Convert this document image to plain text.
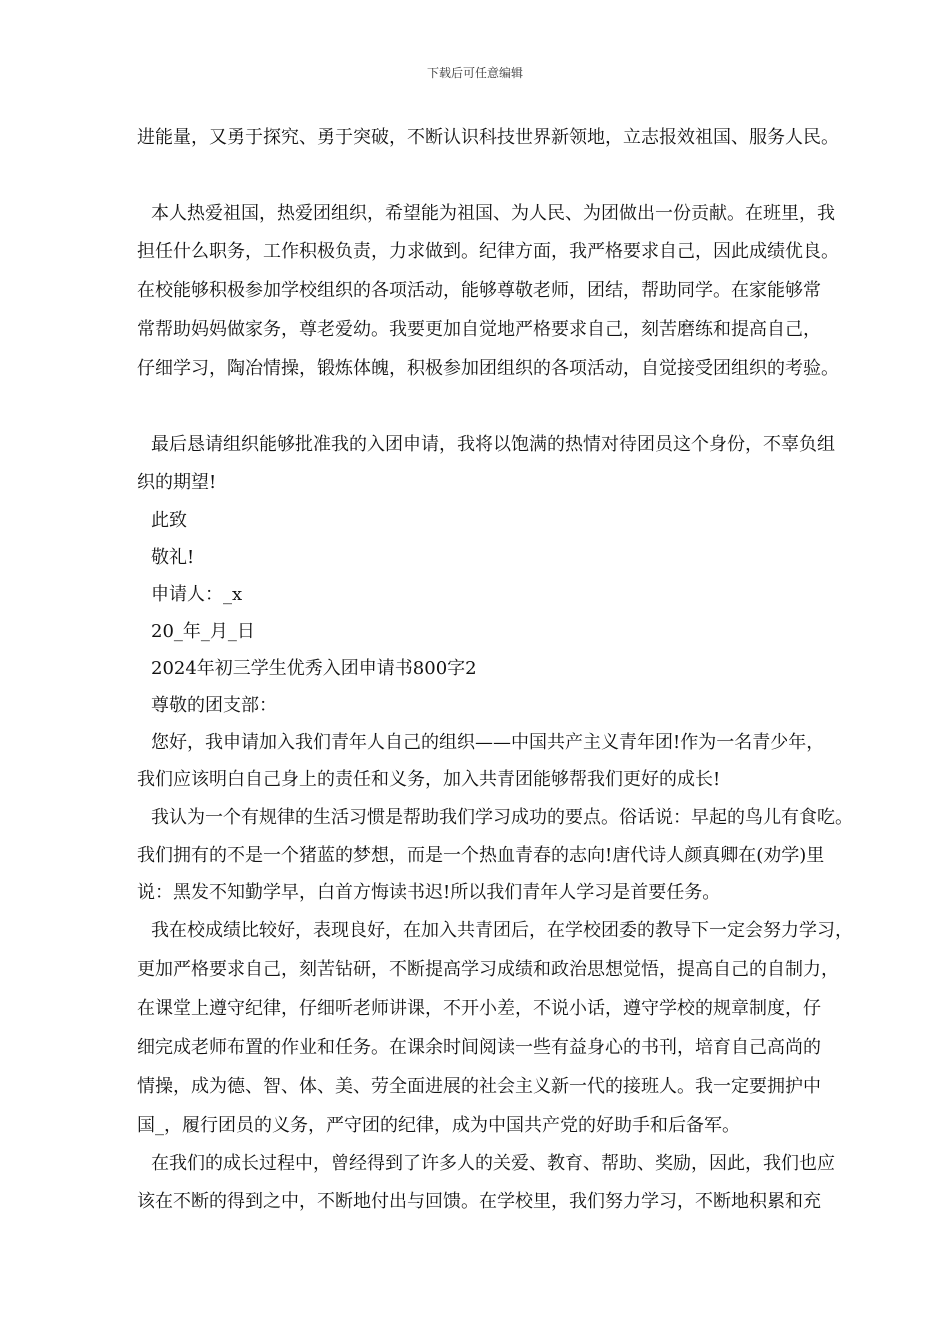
下载后可任意编辑
进能量，又勇于探究、勇于突破，不断认识科技世界新领地，立志报效祖国、服务人民。
本人热爱祖国，热爱团组织，希望能为祖国、为人民、为团做出一份贡献。在班里，我
担任什么职务，工作积极负责，力求做到。纪律方面，我严格要求自己，因此成绩优良。
在校能够积极参加学校组织的各项活动，能够尊敬老师，团结，帮助同学。在家能够常
常帮助妈妈做家务，尊老爱幼。我要更加自觉地严格要求自己，刻苦磨练和提高自己，
仔细学习，陶冶情操，锻炼体魄，积极参加团组织的各项活动，自觉接受团组织的考验。
最后恳请组织能够批准我的入团申请，我将以饱满的热情对待团员这个身份，不辜负组
织的期望!
此致
敬礼!
申请人：_x
20_年_月_日
2024年初三学生优秀入团申请书800字2
尊敬的团支部：
您好，我申请加入我们青年人自己的组织——中国共产主义青年团!作为一名青少年，
我们应该明白自己身上的责任和义务，加入共青团能够帮我们更好的成长!
我认为一个有规律的生活习惯是帮助我们学习成功的要点。俗话说：早起的鸟儿有食吃。
我们拥有的不是一个猪蓝的梦想，而是一个热血青春的志向!唐代诗人颜真卿在(劝学)里
说：黑发不知勤学早，白首方悔读书迟!所以我们青年人学习是首要任务。
我在校成绩比较好，表现良好，在加入共青团后，在学校团委的教导下一定会努力学习，
更加严格要求自己，刻苦钻研，不断提高学习成绩和政治思想觉悟，提高自己的自制力，
在课堂上遵守纪律，仔细听老师讲课，不开小差，不说小话，遵守学校的规章制度，仔
细完成老师布置的作业和任务。在课余时间阅读一些有益身心的书刊，培育自己高尚的
情操，成为德、智、体、美、劳全面进展的社会主义新一代的接班人。我一定要拥护中
国_，履行团员的义务，严守团的纪律，成为中国共产党的好助手和后备军。
在我们的成长过程中，曾经得到了许多人的关爱、教育、帮助、奖励，因此，我们也应
该在不断的得到之中，不断地付出与回馈。在学校里，我们努力学习，不断地积累和充
